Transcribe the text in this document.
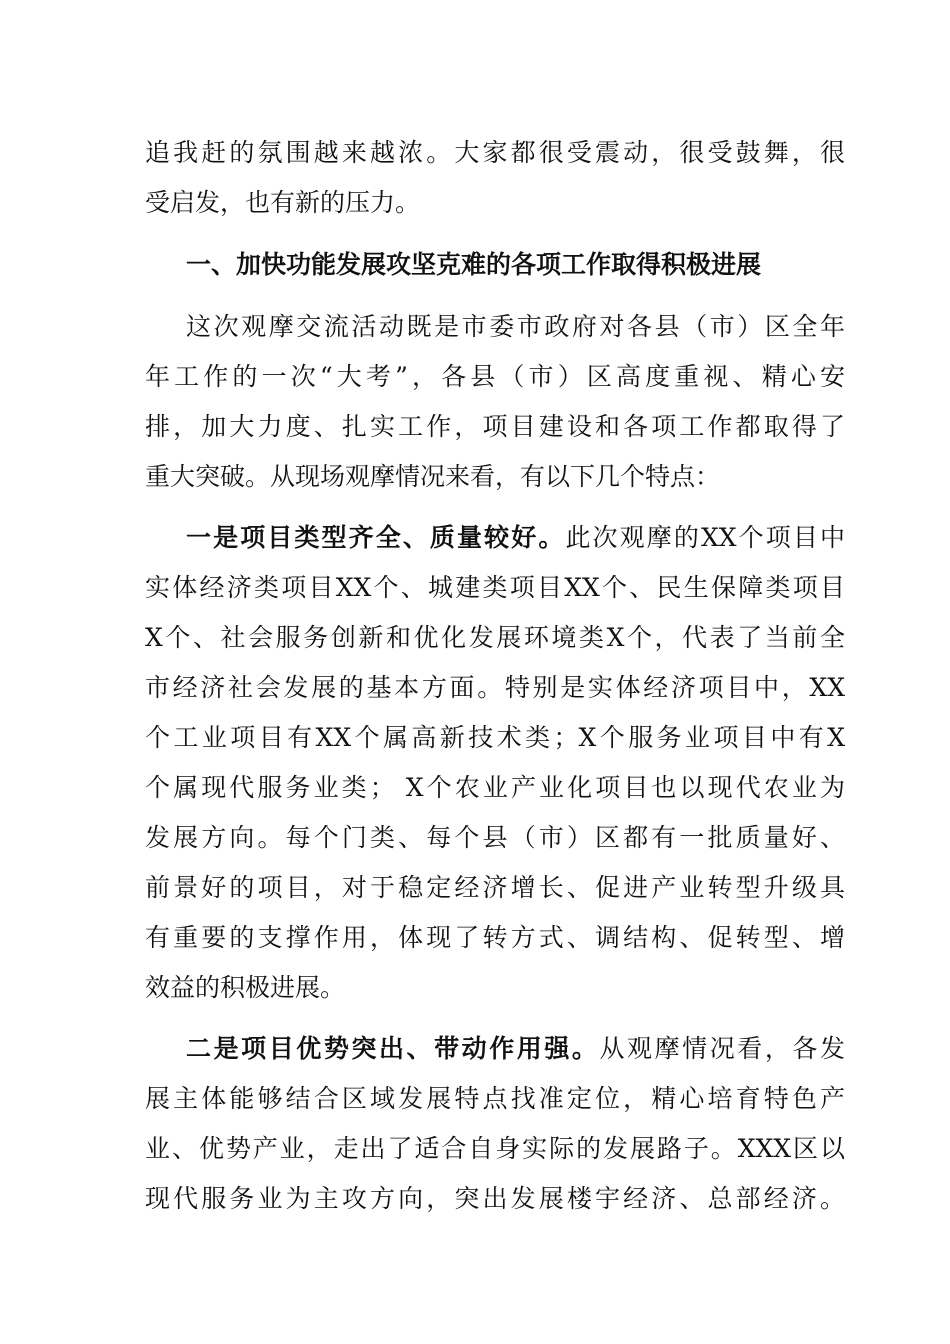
追我赶的氛围越来越浓。大家都很受震动，很受鼓舞，很
受启发，也有新的压力。
一、加快功能发展攻坚克难的各项工作取得积极进展
这次观摩交流活动既是市委市政府对各县（市）区全年
年工作的一次“大考”，各县（市）区高度重视、精心安
排，加大力度、扎实工作，项目建设和各项工作都取得了
重大突破。从现场观摩情况来看，有以下几个特点：
一是项目类型齐全、质量较好。此次观摩的XX个项目中
实体经济类项目XX个、城建类项目XX个、民生保障类项目
X个、社会服务创新和优化发展环境类X个，代表了当前全
市经济社会发展的基本方面。特别是实体经济项目中，XX
个工业项目有XX个属高新技术类；X个服务业项目中有X
个属现代服务业类； X个农业产业化项目也以现代农业为
发展方向。每个门类、每个县（市）区都有一批质量好、
前景好的项目，对于稳定经济增长、促进产业转型升级具
有重要的支撑作用，体现了转方式、调结构、促转型、增
效益的积极进展。
二是项目优势突出、带动作用强。从观摩情况看，各发
展主体能够结合区域发展特点找准定位，精心培育特色产
业、优势产业，走出了适合自身实际的发展路子。XXX区以
现代服务业为主攻方向，突出发展楼宇经济、总部经济。
